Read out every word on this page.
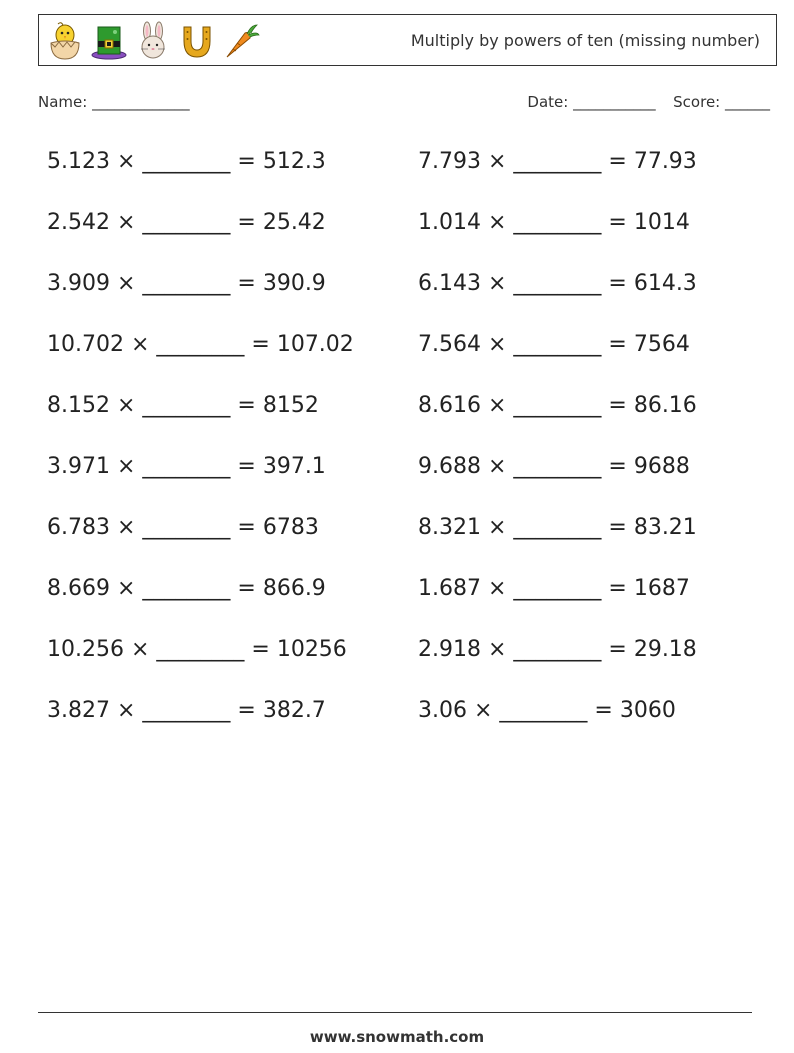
Multiply by powers of ten (missing number)
Name: _____________	Date: ___________ Score: ______
5.123 × ________ = 512.3
2.542 × ________ = 25.42
3.909 × ________ = 390.9
10.702 × ________ = 107.02
8.152 × ________ = 8152
3.971 × ________ = 397.1
6.783 × ________ = 6783
8.669 × ________ = 866.9
10.256 × ________ = 10256
3.827 × ________ = 382.7
7.793 × ________ = 77.93
1.014 × ________ = 1014
6.143 × ________ = 614.3
7.564 × ________ = 7564
8.616 × ________ = 86.16
9.688 × ________ = 9688
8.321 × ________ = 83.21
1.687 × ________ = 1687
2.918 × ________ = 29.18
3.06 × ________ = 3060
www.snowmath.com
